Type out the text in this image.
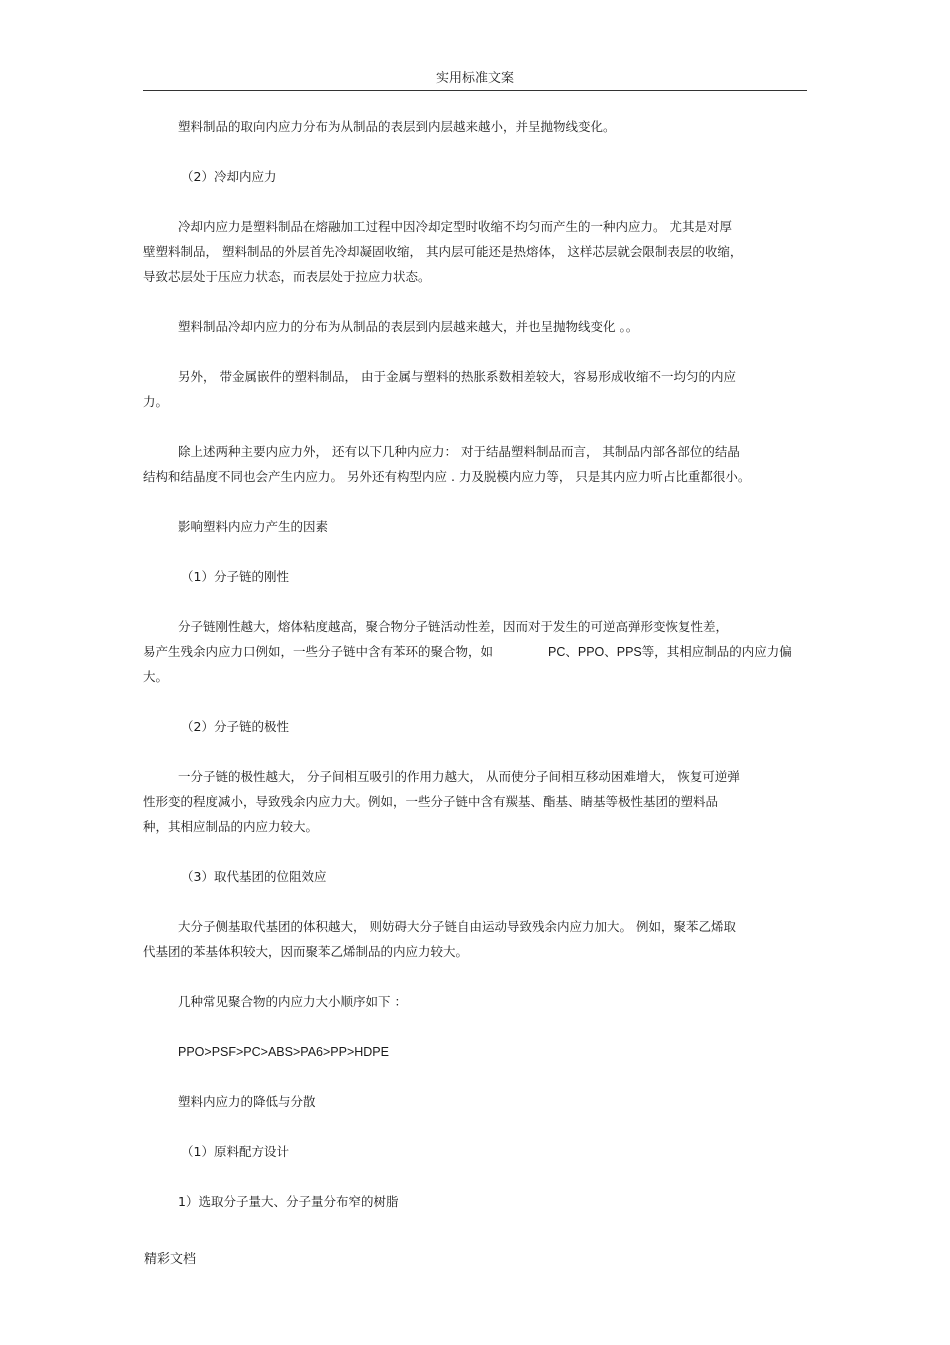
实用标准文案
塑料制品的取向内应力分布为从制品的表层到内层越来越小，并呈抛物线变化。
（2）冷却内应力
冷却内应力是塑料制品在熔融加工过程中因冷却定型时收缩不均匀而产生的一种内应力。 尤其是对厚
壁塑料制品， 塑料制品的外层首先冷却凝固收缩， 其内层可能还是热熔体， 这样芯层就会限制表层的收缩，
导致芯层处于压应力状态，而表层处于拉应力状态。
塑料制品冷却内应力的分布为从制品的表层到内层越来越大，并也呈抛物线变化 。。
另外， 带金属嵌件的塑料制品， 由于金属与塑料的热胀系数相差较大，容易形成收缩不一均匀的内应
力。
除上述两种主要内应力外， 还有以下几种内应力： 对于结晶塑料制品而言， 其制品内部各部位的结晶
结构和结晶度不同也会产生内应力。 另外还有构型内应 . 力及脱模内应力等， 只是其内应力听占比重都很小。
影响塑料内应力产生的因素
（1）分子链的刚性
分子链刚性越大，熔体粘度越高，聚合物分子链活动性差，因而对于发生的可逆高弹形变恢复性差，
易产生残余内应力口例如，一些分子链中含有苯环的聚合物，如	PC、PPO、PPS等，其相应制品的内应力偏
大。
（2）分子链的极性
一分子链的极性越大， 分子间相互吸引的作用力越大， 从而使分子间相互移动困难增大， 恢复可逆弹
性形变的程度减小，导致残余内应力大。例如，一些分子链中含有羰基、酯基、睛基等极性基团的塑料品
种，其相应制品的内应力较大。
（3）取代基团的位阻效应
大分子侧基取代基团的体积越大， 则妨碍大分子链自由运动导致残余内应力加大。 例如，聚苯乙烯取
代基团的苯基体积较大，因而聚苯乙烯制品的内应力较大。
几种常见聚合物的内应力大小顺序如下 ：
PPO>PSF>PC>ABS>PA6>PP>HDPE
塑料内应力的降低与分散
（1）原料配方设计
1）选取分子量大、分子量分布窄的树脂
精彩文档
